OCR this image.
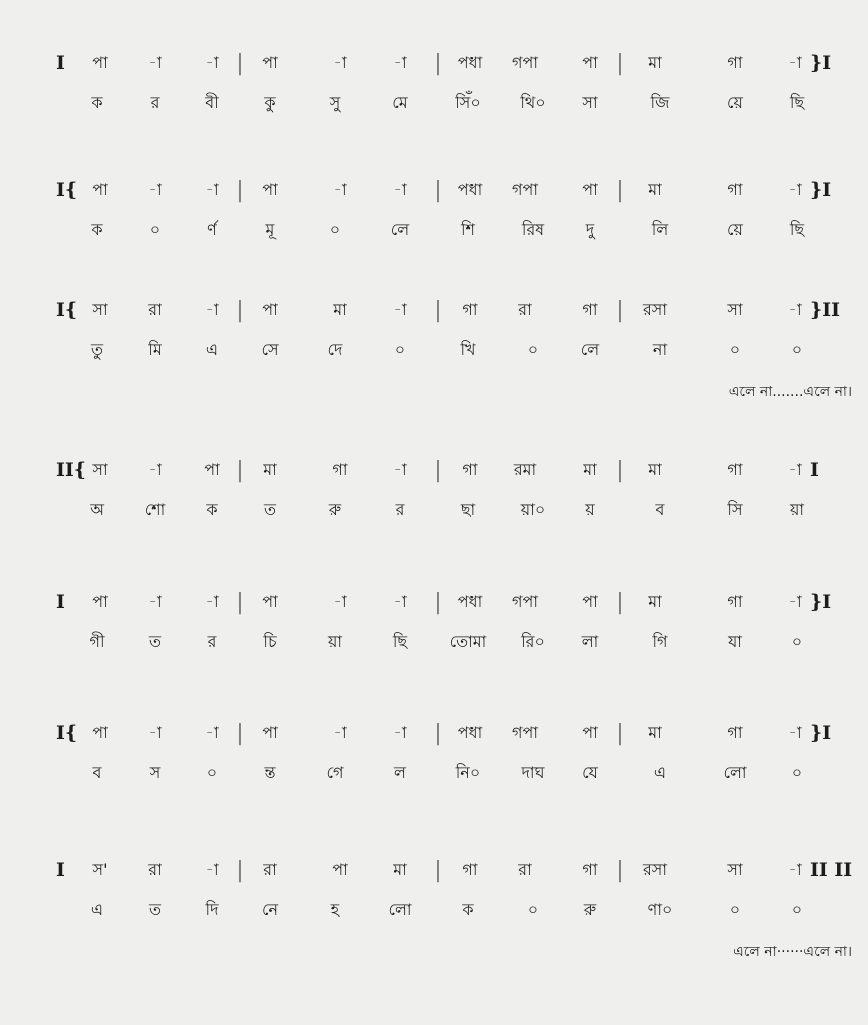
I পা	-া	-া | পা	-া	-া | পধা গপা	পা | মা	গা	-া }I
ক	র	বী	কু	সু	মে	সিঁ০ থি০ সা	জি	য়ে	ছি
I{ পা	-া	-া | পা	-া	-া | পধা গপা	পা | মা	গা	-া }I
ক	০	র্ণ	মূ	০	লে	শি	রিষ	দু	লি	য়ে	ছি
I{ সা	রা	-া | পা	মা	-া | গা	রা	গা | রসা	সা	-া }II
তু	মি	এ	সে	দে	০	খি	০	লে	না	০	০
এলে না.......এলে না।
II{ সা	-া	পা | মা	গা	-া | গা রমা	মা | মা	গা	-া I
অ	শো	ক	ত	রু	র	ছা	য়া০	য়	ব	সি	য়া
I পা	-া	-া | পা	-া	-া | পধা গপা	পা | মা	গা	-া }I
গী	ত	র	চি	য়া	ছি	তোমা রি০ লা	গি	যা	০
I{ পা	-া	-া | পা	-া	-া | পধা গপা	পা | মা	গা	-া }I
ব	স	০	ন্ত	গে	ল	নি০	দাঘ যে	এ	লো	০
I স'	রা	-া | রা	পা	মা | গা	রা	গা | রসা	সা	-া II II
এ	ত	দি	নে	হ	লো	ক	০	রু	ণা০	০	০
এলে না······এলে না।
